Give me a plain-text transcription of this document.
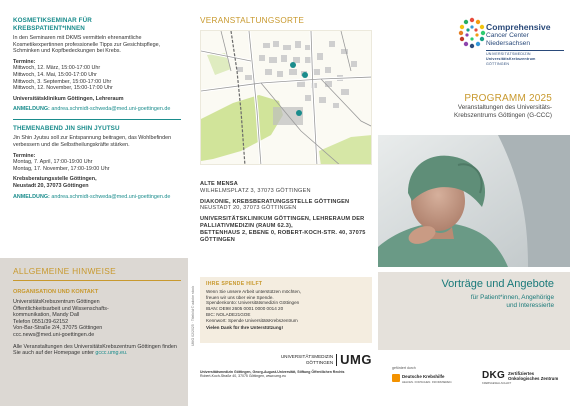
KOSMETIKSEMINAR FÜR KREBSPATIENT*INNEN
In den Seminaren mit DKMS vermitteln ehrenamtliche Kosmetikexpertinnen professionelle Tipps zur Gesichtspflege, Schminken und Kopfbedeckungen bei Krebs.
Termine:
Mittwoch, 12. März, 15:00-17:00 Uhr
Mittwoch, 14. Mai, 15:00-17:00 Uhr
Mittwoch, 3. September, 15:00-17:00 Uhr
Mittwoch, 12. November, 15:00-17:00 Uhr
Universitätsklinikum Göttingen, Lehreraum
ANMELDUNG: andrea.schmidt-schweda@med.uni-goettingen.de
THEMENABEND JIN SHIN JYUTSU
Jin Shin Jyutsu soll zur Entspannung beitragen, das Wohlbefinden verbessern und die Selbstheilungskräfte stärken.
Termine:
Montag, 7. April, 17:00-19:00 Uhr
Montag, 17. November, 17:00-19:00 Uhr
Krebsberatungsstelle Göttingen,
Neustadt 20, 37073 Göttingen
ANMELDUNG: andrea.schmidt-schweda@med.uni-goettingen.de
ALLGEMEINE HINWEISE
ORGANISATION UND KONTAKT
UniversitätsKrebszentrum Göttingen
Öffentlichkeitsarbeit und Wissenschafts-
kommunikation, Mandy Dall
Telefon 0551/39-62152
Von-Bar-Straße 2/4, 37075 Göttingen
ccc.news@med.uni-goettingen.de
Alle Veranstaltungen des UniversitätsKrebszentrum Göttingen finden Sie auch auf der Homepage unter gccc.umg.eu.
VERANSTALTUNGSORTE
ALTE MENSA
WILHELMSPLATZ 3, 37073 GÖTTINGEN
DIAKONIE, KREBSBERATUNGSSTELLE GÖTTINGEN
NEUSTADT 20, 37073 GÖTTINGEN
UNIVERSITÄTSKLINIKUM GÖTTINGEN, LEHRERAUM DER PALLIATIVMEDIZIN (RAUM 62.3),
BETTENHAUS 2, EBENE 0, ROBERT-KOCH-STR. 40, 37075 GÖTTINGEN
IHRE SPENDE HILFT
Wenn Sie unsere Arbeit unterstützen möchten,
freuen wir uns über eine Spende.
Spendenkonto: Universitätsmedizin Göttingen
IBAN: DE98 2605 0001 0000 0014 20
BIC: NOLADE21GOE
Kennwort: Spende UniversitätsKrebszentrum
Vielen Dank für Ihre Unterstützung!
UMG 02/2025 · Titelbild © adobe stock
UNIVERSITÄTSMEDIZIN
GÖTTINGEN UMG
Universitätsmedizin Göttingen, Georg-August-Universität, Stiftung Öffentlichen Rechts
Robert-Koch-Straße 40, 37075 Göttingen, www.umg.eu
Comprehensive
Cancer Center
Niedersachsen
UNIVERSITÄTSMEDIZIN
UniversitätsKrebszentrum
GÖTTINGEN
PROGRAMM 2025
Veranstaltungen des Universitäts-
Krebszentrums Göttingen (G-CCC)
Vorträge und Angebote
für Patient*innen, Angehörige
und Interessierte
gefördert durch
Deutsche Krebshilfe
HELFEN. FORSCHEN. INFORMIEREN.
DKG
KREBSGESELLSCHAFT
Zertifiziertes
Onkologisches Zentrum
